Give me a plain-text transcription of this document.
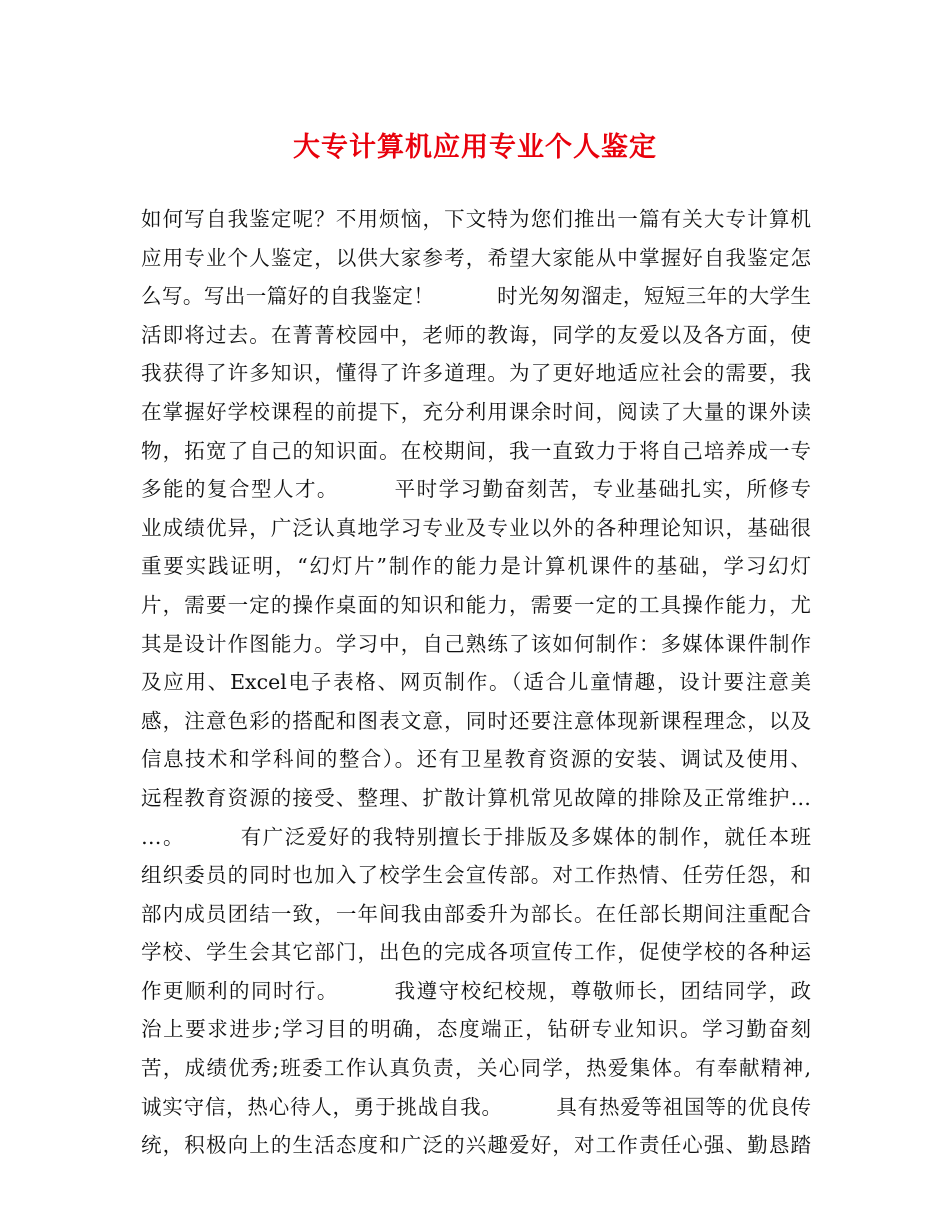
大专计算机应用专业个人鉴定
如何写自我鉴定呢？不用烦恼，下文特为您们推出一篇有关大专计算机
应用专业个人鉴定，以供大家参考，希望大家能从中掌握好自我鉴定怎
么写。写出一篇好的自我鉴定！　　　时光匆匆溜走，短短三年的大学生
活即将过去。在菁菁校园中，老师的教诲，同学的友爱以及各方面，使
我获得了许多知识，懂得了许多道理。为了更好地适应社会的需要，我
在掌握好学校课程的前提下，充分利用课余时间，阅读了大量的课外读
物，拓宽了自己的知识面。在校期间，我一直致力于将自己培养成一专
多能的复合型人才。　　　平时学习勤奋刻苦，专业基础扎实，所修专
业成绩优异，广泛认真地学习专业及专业以外的各种理论知识，基础很
重要实践证明，“幻灯片”制作的能力是计算机课件的基础，学习幻灯
片，需要一定的操作桌面的知识和能力，需要一定的工具操作能力，尤
其是设计作图能力。学习中，自己熟练了该如何制作：多媒体课件制作
及应用、Excel电子表格、网页制作。（适合儿童情趣，设计要注意美
感，注意色彩的搭配和图表文意，同时还要注意体现新课程理念，以及
信息技术和学科间的整合）。还有卫星教育资源的安装、调试及使用、
远程教育资源的接受、整理、扩散计算机常见故障的排除及正常维护…
…。　　　有广泛爱好的我特别擅长于排版及多媒体的制作，就任本班
组织委员的同时也加入了校学生会宣传部。对工作热情、任劳任怨，和
部内成员团结一致，一年间我由部委升为部长。在任部长期间注重配合
学校、学生会其它部门，出色的完成各项宣传工作，促使学校的各种运
作更顺利的同时行。　　　我遵守校纪校规，尊敬师长，团结同学，政
治上要求进步;学习目的明确，态度端正，钻研专业知识。学习勤奋刻
苦，成绩优秀;班委工作认真负责，关心同学，热爱集体。有奉献精神,
诚实守信，热心待人，勇于挑战自我。　　　具有热爱等祖国等的优良传
统，积极向上的生活态度和广泛的兴趣爱好，对工作责任心强、勤恳踏
